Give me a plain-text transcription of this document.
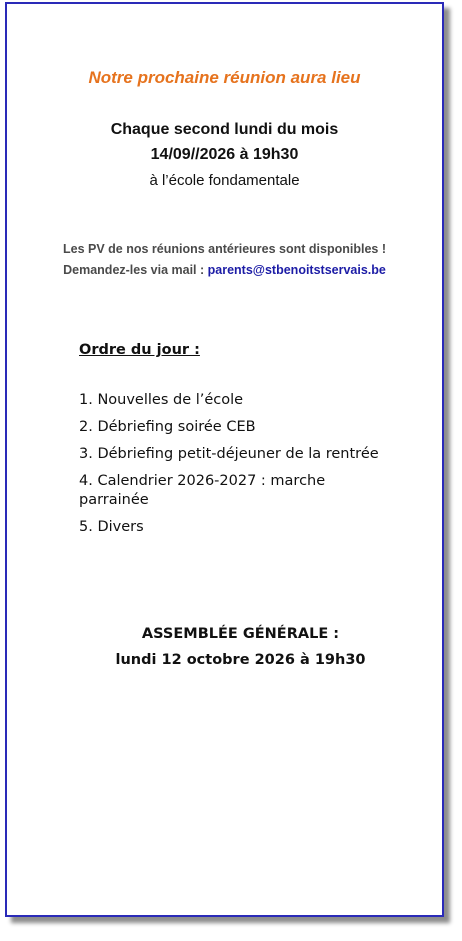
Notre prochaine réunion aura lieu
Chaque second lundi du mois
14/09//2026 à 19h30
à l’école fondamentale
Les PV de nos réunions antérieures sont disponibles !
Demandez-les via mail : parents@stbenoitstservais.be
Ordre du jour :
1. Nouvelles de l’école
2. Débriefing soirée CEB
3. Débriefing petit-déjeuner de la rentrée
4. Calendrier 2026-2027 : marche parrainée
5. Divers
ASSEMBLÉE GÉNÉRALE :
lundi 12 octobre 2026 à 19h30
